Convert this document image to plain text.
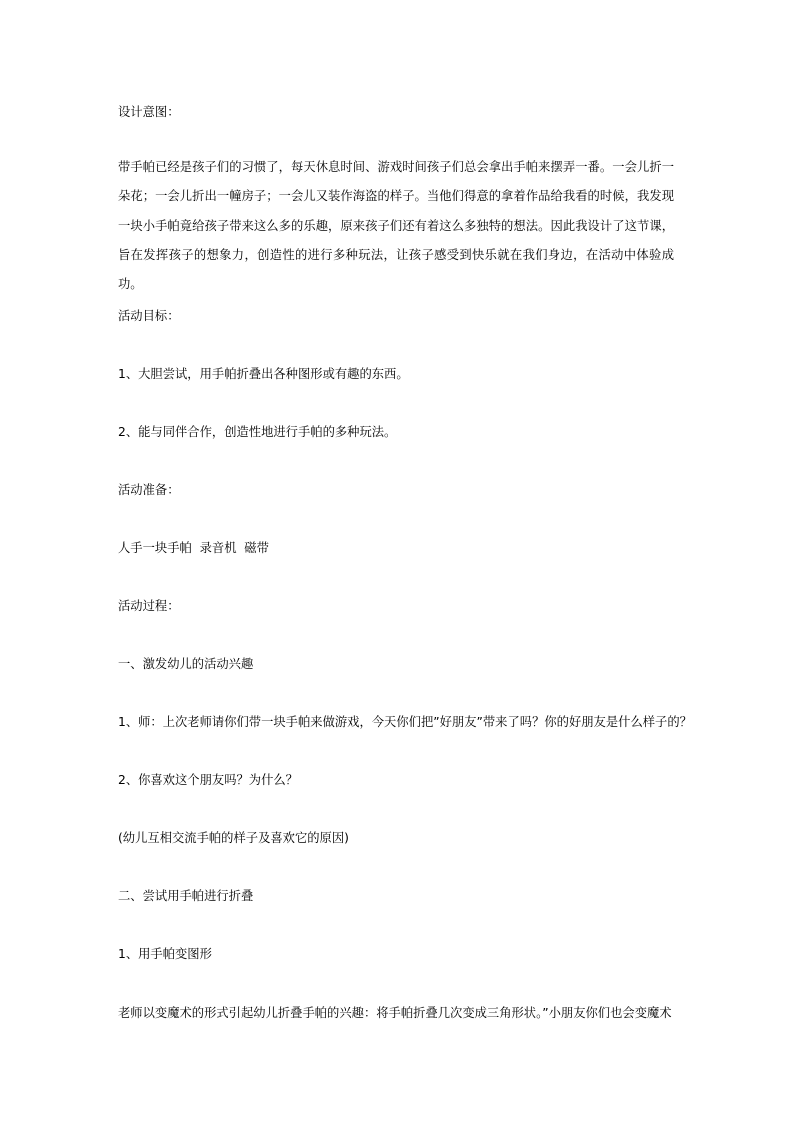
设计意图：

带手帕已经是孩子们的习惯了，每天休息时间、游戏时间孩子们总会拿出手帕来摆弄一番。一会儿折一朵花；一会儿折出一幢房子；一会儿又装作海盗的样子。当他们得意的拿着作品给我看的时候，我发现一块小手帕竟给孩子带来这么多的乐趣，原来孩子们还有着这么多独特的想法。因此我设计了这节课，旨在发挥孩子的想象力，创造性的进行多种玩法，让孩子感受到快乐就在我们身边，在活动中体验成功。

活动目标：

1、大胆尝试，用手帕折叠出各种图形或有趣的东西。

2、能与同伴合作，创造性地进行手帕的多种玩法。

活动准备：

人手一块手帕  录音机  磁带

活动过程：

一、激发幼儿的活动兴趣

1、师：上次老师请你们带一块手帕来做游戏，今天你们把”好朋友”带来了吗？你的好朋友是什么样子的？

2、你喜欢这个朋友吗？为什么？

(幼儿互相交流手帕的样子及喜欢它的原因)

二、尝试用手帕进行折叠

1、用手帕变图形

老师以变魔术的形式引起幼儿折叠手帕的兴趣：将手帕折叠几次变成三角形状。”小朋友你们也会变魔术
